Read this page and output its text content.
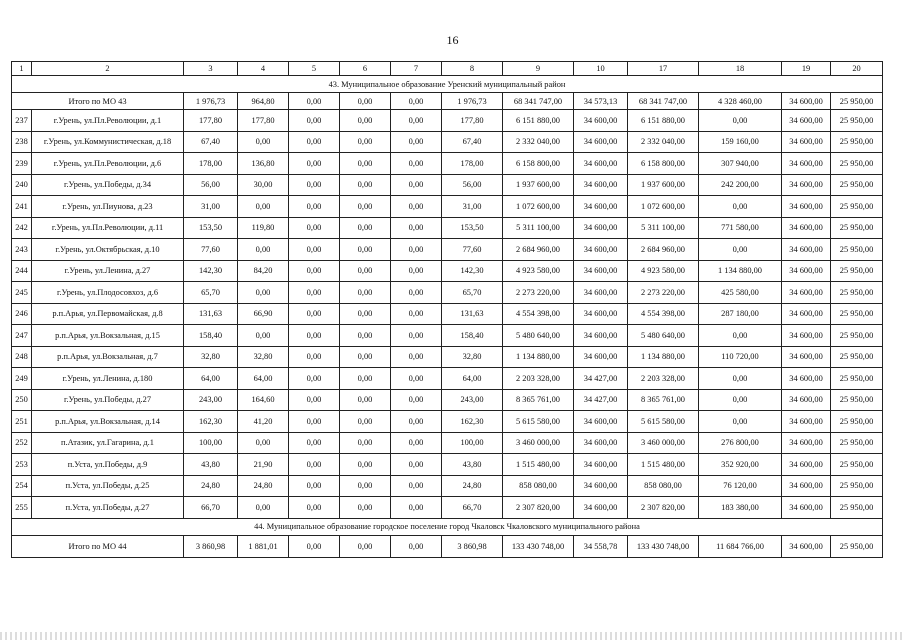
16
1	2	3	4	5	6	7	8	9	10	17	18	19	20
43. Муниципальное образование Уренский муниципальный район													
Итого по МО 43		1 976,73	964,80	0,00	0,00	0,00	1 976,73	68 341 747,00	34 573,13	68 341 747,00	4 328 460,00	34 600,00	25 950,00
237	г.Урень, ул.Пл.Революции, д.1	177,80	177,80	0,00	0,00	0,00	177,80	6 151 880,00	34 600,00	6 151 880,00	0,00	34 600,00	25 950,00
238	г.Урень, ул.Коммунистическая, д.18	67,40	0,00	0,00	0,00	0,00	67,40	2 332 040,00	34 600,00	2 332 040,00	159 160,00	34 600,00	25 950,00
239	г.Урень, ул.Пл.Революции, д.6	178,00	136,80	0,00	0,00	0,00	178,00	6 158 800,00	34 600,00	6 158 800,00	307 940,00	34 600,00	25 950,00
240	г.Урень, ул.Победы, д.34	56,00	30,00	0,00	0,00	0,00	56,00	1 937 600,00	34 600,00	1 937 600,00	242 200,00	34 600,00	25 950,00
241	г.Урень, ул.Пиунова, д.23	31,00	0,00	0,00	0,00	0,00	31,00	1 072 600,00	34 600,00	1 072 600,00	0,00	34 600,00	25 950,00
242	г.Урень, ул.Пл.Революции, д.11	153,50	119,80	0,00	0,00	0,00	153,50	5 311 100,00	34 600,00	5 311 100,00	771 580,00	34 600,00	25 950,00
243	г.Урень, ул.Октябрьская, д.10	77,60	0,00	0,00	0,00	0,00	77,60	2 684 960,00	34 600,00	2 684 960,00	0,00	34 600,00	25 950,00
244	г.Урень, ул.Ленина, д.27	142,30	84,20	0,00	0,00	0,00	142,30	4 923 580,00	34 600,00	4 923 580,00	1 134 880,00	34 600,00	25 950,00
245	г.Урень, ул.Плодосовхоз, д.6	65,70	0,00	0,00	0,00	0,00	65,70	2 273 220,00	34 600,00	2 273 220,00	425 580,00	34 600,00	25 950,00
246	р.п.Арья, ул.Первомайская, д.8	131,63	66,90	0,00	0,00	0,00	131,63	4 554 398,00	34 600,00	4 554 398,00	287 180,00	34 600,00	25 950,00
247	р.п.Арья, ул.Вокзальная, д.15	158,40	0,00	0,00	0,00	0,00	158,40	5 480 640,00	34 600,00	5 480 640,00	0,00	34 600,00	25 950,00
248	р.п.Арья, ул.Вокзальная, д.7	32,80	32,80	0,00	0,00	0,00	32,80	1 134 880,00	34 600,00	1 134 880,00	110 720,00	34 600,00	25 950,00
249	г.Урень, ул.Ленина, д.180	64,00	64,00	0,00	0,00	0,00	64,00	2 203 328,00	34 427,00	2 203 328,00	0,00	34 600,00	25 950,00
250	г.Урень, ул.Победы, д.27	243,00	164,60	0,00	0,00	0,00	243,00	8 365 761,00	34 427,00	8 365 761,00	0,00	34 600,00	25 950,00
251	р.п.Арья, ул.Вокзальная, д.14	162,30	41,20	0,00	0,00	0,00	162,30	5 615 580,00	34 600,00	5 615 580,00	0,00	34 600,00	25 950,00
252	п.Атазик, ул.Гагарина, д.1	100,00	0,00	0,00	0,00	0,00	100,00	3 460 000,00	34 600,00	3 460 000,00	276 800,00	34 600,00	25 950,00
253	п.Уста, ул.Победы, д.9	43,80	21,90	0,00	0,00	0,00	43,80	1 515 480,00	34 600,00	1 515 480,00	352 920,00	34 600,00	25 950,00
254	п.Уста, ул.Победы, д.25	24,80	24,80	0,00	0,00	0,00	24,80	858 080,00	34 600,00	858 080,00	76 120,00	34 600,00	25 950,00
255	п.Уста, ул.Победы, д.27	66,70	0,00	0,00	0,00	0,00	66,70	2 307 820,00	34 600,00	2 307 820,00	183 380,00	34 600,00	25 950,00
44. Муниципальное образование городское поселение город Чкаловск Чкаловского муниципального района													
Итого по МО 44		3 860,98	1 881,01	0,00	0,00	0,00	3 860,98	133 430 748,00	34 558,78	133 430 748,00	11 684 766,00	34 600,00	25 950,00
